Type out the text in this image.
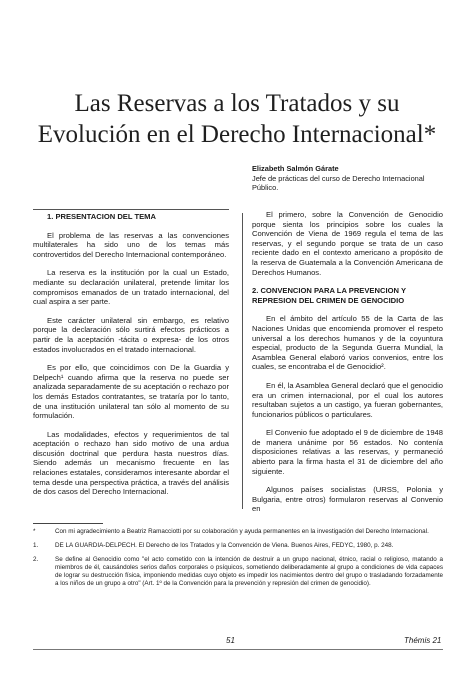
Las Reservas a los Tratados y su
Evolución en el Derecho Internacional*
Elizabeth Salmón Gárate
Jefe de prácticas del curso de Derecho Internacional Público.
1. PRESENTACION DEL TEMA

El problema de las reservas a las convenciones multilaterales ha sido uno de los temas más controvertidos del Derecho Internacional contemporáneo.

La reserva es la institución por la cual un Estado, mediante su declaración unilateral, pretende limitar los compromisos emanados de un tratado internacional, del cual aspira a ser parte.

Este carácter unilateral sin embargo, es relativo porque la declaración sólo surtirá efectos prácticos a partir de la aceptación -tácita o expresa- de los otros estados involucrados en el tratado internacional.

Es por ello, que coincidimos con De la Guardia y Delpech¹ cuando afirma que la reserva no puede ser analizada separadamente de su aceptación o rechazo por los demás Estados contratantes, se trataría por lo tanto, de una institución unilateral tan sólo al momento de su formulación.

Las modalidades, efectos y requerimientos de tal aceptación o rechazo han sido motivo de una ardua discusión doctrinal que perdura hasta nuestros días. Siendo además un mecanismo frecuente en las relaciones estatales, consideramos interesante abordar el tema desde una perspectiva práctica, a través del análisis de dos casos del Derecho Internacional.

El primero, sobre la Convención de Genocidio porque sienta los principios sobre los cuales la Convención de Viena de 1969 regula el tema de las reservas, y el segundo porque se trata de un caso reciente dado en el contexto americano a propósito de la reserva de Guatemala a la Convención Americana de Derechos Humanos.

2. CONVENCION PARA LA PREVENCION Y REPRESION DEL CRIMEN DE GENOCIDIO

En el ámbito del artículo 55 de la Carta de las Naciones Unidas que encomienda promover el respeto universal a los derechos humanos y de la coyuntura especial, producto de la Segunda Guerra Mundial, la Asamblea General elaboró varios convenios, entre los cuales, se encontraba el de Genocidio².

En él, la Asamblea General declaró que el genocidio era un crimen internacional, por el cual los autores resultaban sujetos a un castigo, ya fueran gobernantes, funcionarios públicos o particulares.

El Convenio fue adoptado el 9 de diciembre de 1948 de manera unánime por 56 estados. No contenía disposiciones relativas a las reservas, y permaneció abierto para la firma hasta el 31 de diciembre del año siguiente.

Algunos países socialistas (URSS, Polonia y Bulgaria, entre otros) formularon reservas al Convenio en

*	Con mi agradecimiento a Beatriz Ramacciotti por su colaboración y ayuda permanentes en la investigación del Derecho Internacional.
1.	DE LA GUARDIA-DELPECH. El Derecho de los Tratados y la Convención de Viena. Buenos Aires, FEDYC, 1980, p. 248.
2.	Se define al Genocidio como "el acto cometido con la intención de destruir a un grupo nacional, étnico, racial o religioso, matando a miembros de él, causándoles serios daños corporales o psíquicos, sometiendo deliberadamente al grupo a condiciones de vida capaces de lograr su destrucción física, imponiendo medidas cuyo objeto es impedir los nacimientos dentro del grupo o trasladando forzadamente a los niños de un grupo a otro" (Art. 1º de la Convención para la prevención y represión del crimen de genocidio).
51	Thémis 21
